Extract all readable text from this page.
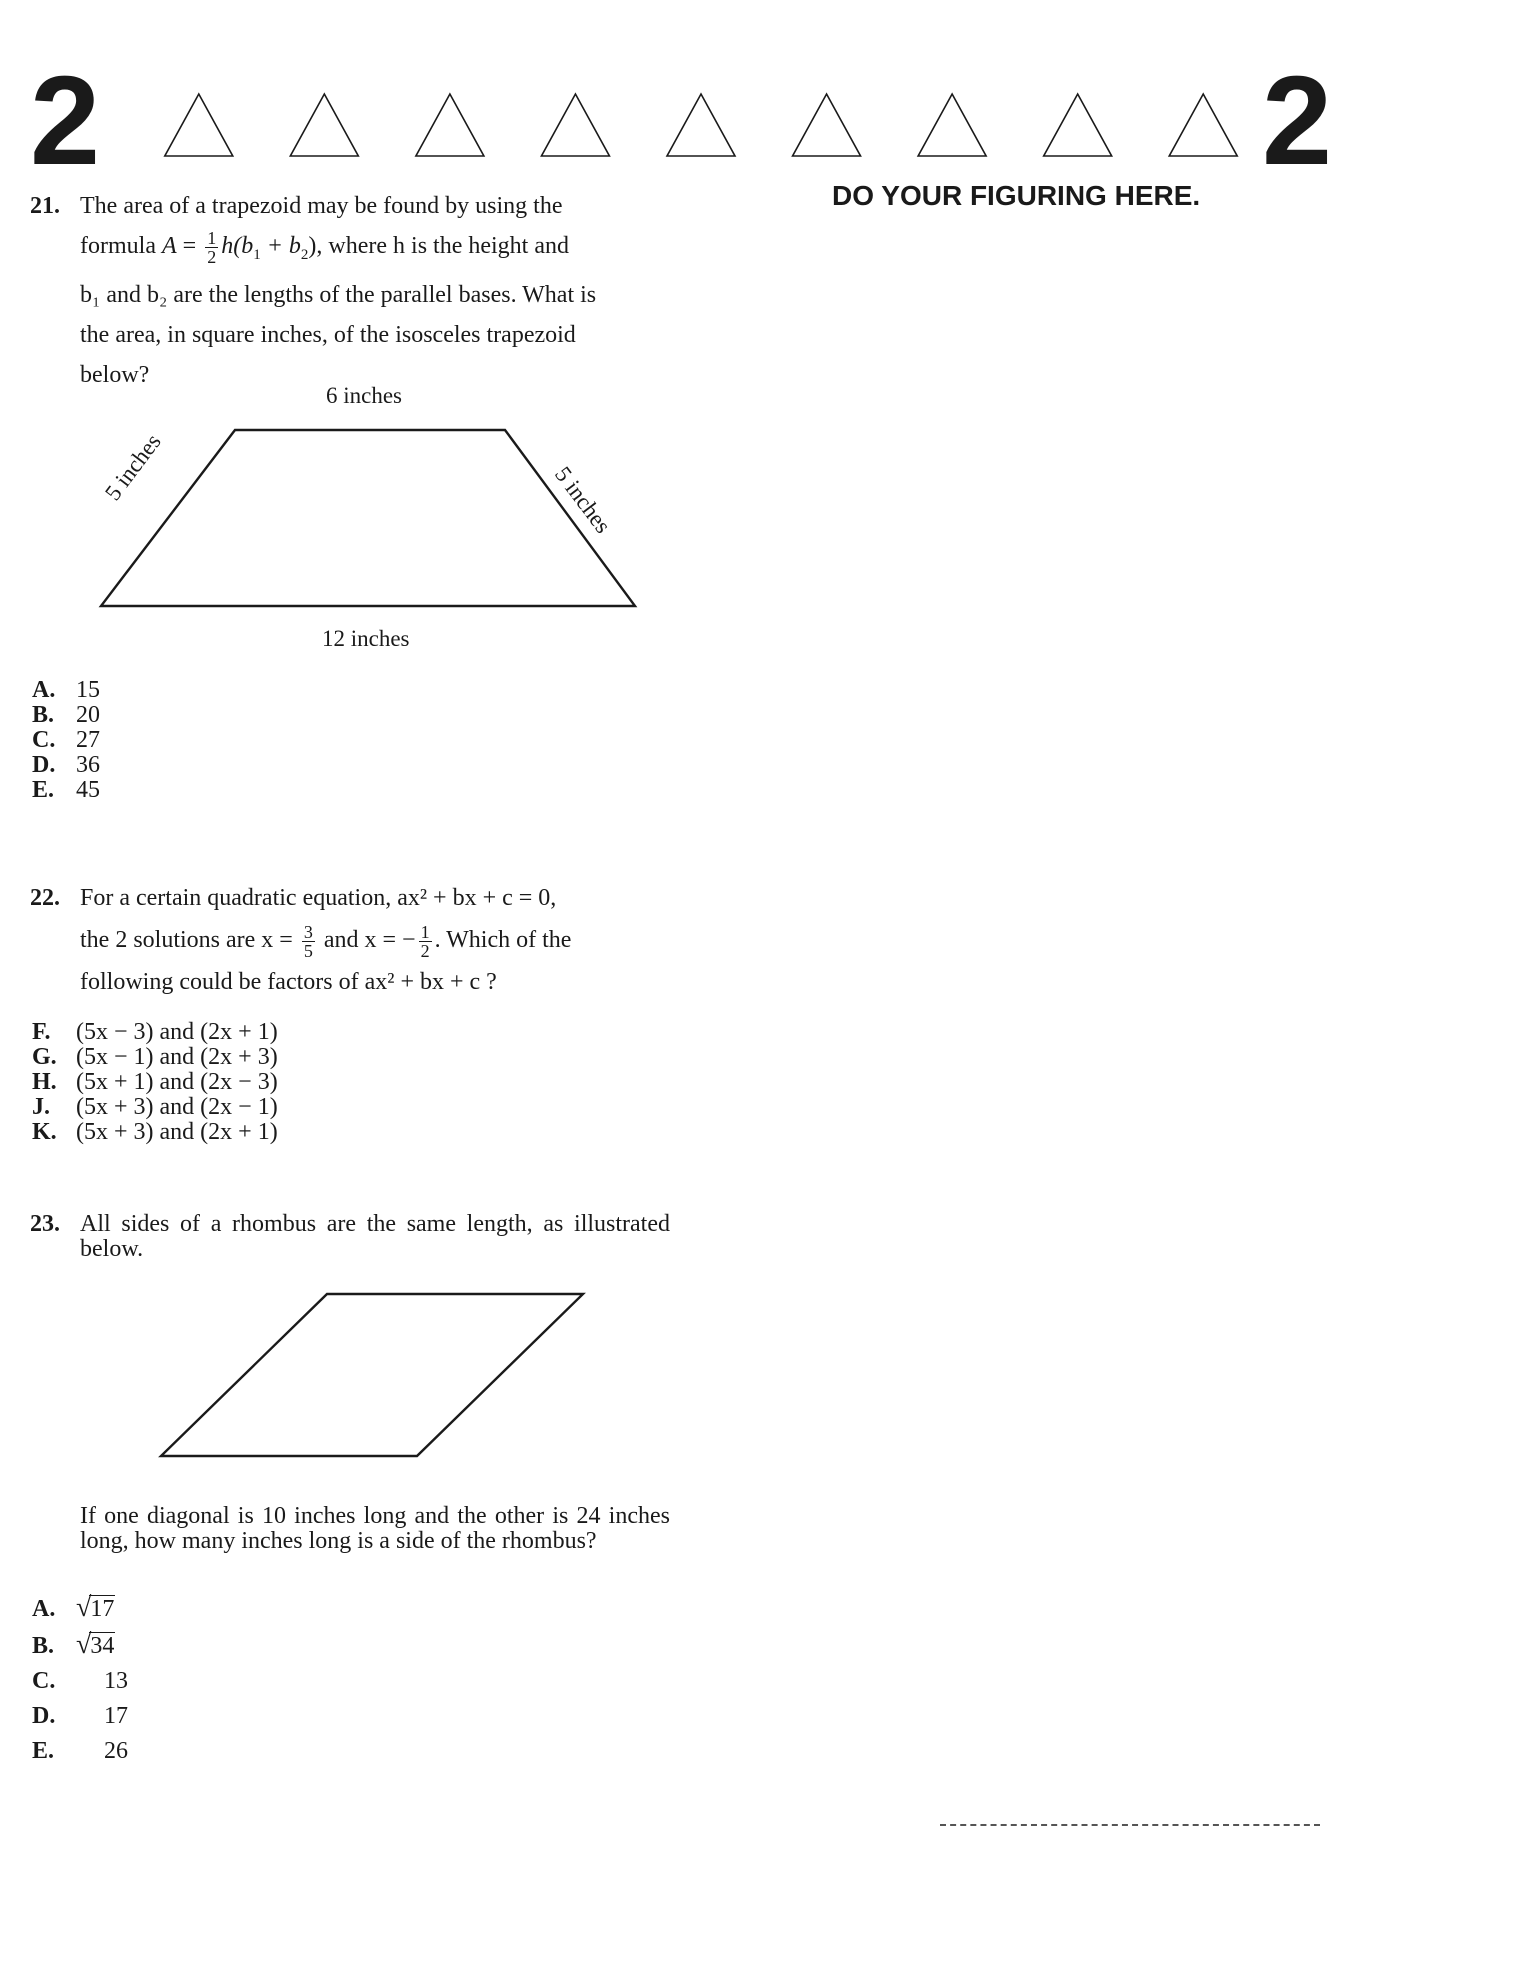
2	2
DO YOUR FIGURING HERE.
21. The area of a trapezoid may be found by using the
formula $A = \frac{1}{2} h(b_1 + b_2)$, where h is the height and
b₁ and b₂ are the lengths of the parallel bases. What is
the area, in square inches, of the isosceles trapezoid
below?
6 inches
12 inches
5 inches	5 inches
A. 15
B. 20
C. 27
D. 36
E. 45
22. For a certain quadratic equation, ax² + bx + c = 0,
the 2 solutions are $x = \frac{3}{5}$ and x = − $\frac{1}{2}$ . Which of the
following could be factors of ax² + bx + c ?
F. (5x − 3) and (2x + 1)
G. (5x − 1) and (2x + 3)
H. (5x + 1) and (2x − 3)
J. (5x + 3) and (2x − 1)
K. (5x + 3) and (2x + 1)
23. All sides of a rhombus are the same length, as illustrated below.
If one diagonal is 10 inches long and the other is 24 inches long, how many inches long is a side of the rhombus?
A. √17
B. √34
C. 13
D. 17
E. 26
